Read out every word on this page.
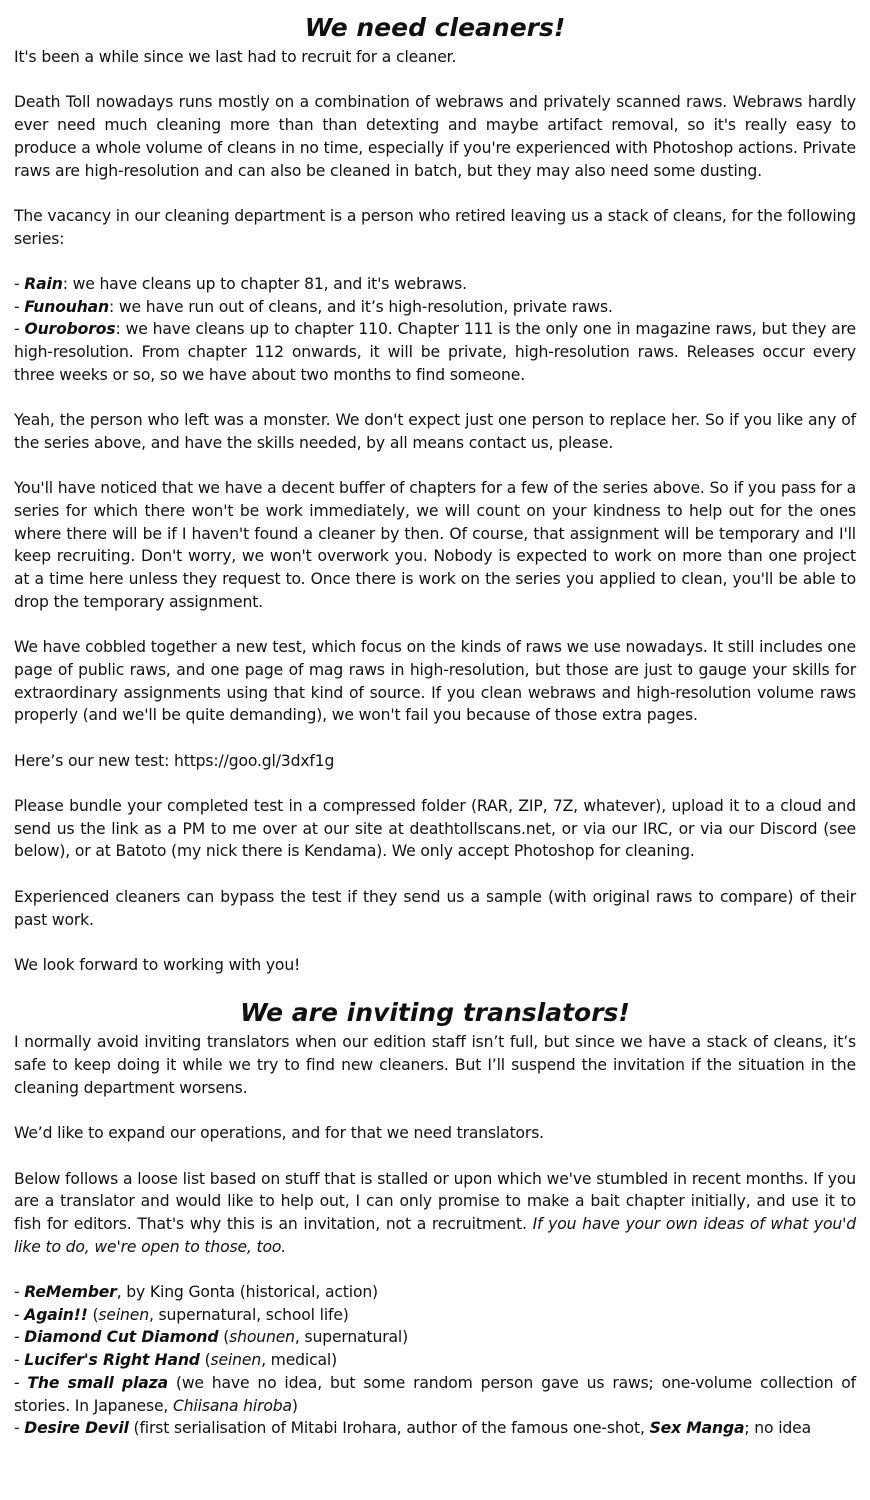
We need cleaners!

It's been a while since we last had to recruit for a cleaner.

Death Toll nowadays runs mostly on a combination of webraws and privately scanned raws. Webraws hardly ever need much cleaning more than than detexting and maybe artifact removal, so it's really easy to produce a whole volume of cleans in no time, especially if you're experienced with Photoshop actions. Private raws are high-resolution and can also be cleaned in batch, but they may also need some dusting.

The vacancy in our cleaning department is a person who retired leaving us a stack of cleans, for the following series:

- Rain: we have cleans up to chapter 81, and it's webraws.
- Funouhan: we have run out of cleans, and it’s high-resolution, private raws.
- Ouroboros: we have cleans up to chapter 110. Chapter 111 is the only one in magazine raws, but they are high-resolution. From chapter 112 onwards, it will be private, high-resolution raws. Releases occur every three weeks or so, so we have about two months to find someone.

Yeah, the person who left was a monster. We don't expect just one person to replace her. So if you like any of the series above, and have the skills needed, by all means contact us, please.

You'll have noticed that we have a decent buffer of chapters for a few of the series above. So if you pass for a series for which there won't be work immediately, we will count on your kindness to help out for the ones where there will be if I haven't found a cleaner by then. Of course, that assignment will be temporary and I'll keep recruiting. Don't worry, we won't overwork you. Nobody is expected to work on more than one project at a time here unless they request to. Once there is work on the series you applied to clean, you'll be able to drop the temporary assignment.

We have cobbled together a new test, which focus on the kinds of raws we use nowadays. It still includes one page of public raws, and one page of mag raws in high-resolution, but those are just to gauge your skills for extraordinary assignments using that kind of source. If you clean webraws and high-resolution volume raws properly (and we'll be quite demanding), we won't fail you because of those extra pages.

Here’s our new test: https://goo.gl/3dxf1g

Please bundle your completed test in a compressed folder (RAR, ZIP, 7Z, whatever), upload it to a cloud and send us the link as a PM to me over at our site at deathtollscans.net, or via our IRC, or via our Discord (see below), or at Batoto (my nick there is Kendama). We only accept Photoshop for cleaning.

Experienced cleaners can bypass the test if they send us a sample (with original raws to compare) of their past work.

We look forward to working with you!

We are inviting translators!

I normally avoid inviting translators when our edition staff isn’t full, but since we have a stack of cleans, it’s safe to keep doing it while we try to find new cleaners. But I’ll suspend the invitation if the situation in the cleaning department worsens.

We’d like to expand our operations, and for that we need translators.

Below follows a loose list based on stuff that is stalled or upon which we've stumbled in recent months. If you are a translator and would like to help out, I can only promise to make a bait chapter initially, and use it to fish for editors. That's why this is an invitation, not a recruitment. If you have your own ideas of what you'd like to do, we're open to those, too.

- ReMember, by King Gonta (historical, action)
- Again!! (seinen, supernatural, school life)
- Diamond Cut Diamond (shounen, supernatural)
- Lucifer's Right Hand (seinen, medical)
- The small plaza (we have no idea, but some random person gave us raws; one-volume collection of stories. In Japanese, Chiisana hiroba)
- Desire Devil (first serialisation of Mitabi Irohara, author of the famous one-shot, Sex Manga; no idea
